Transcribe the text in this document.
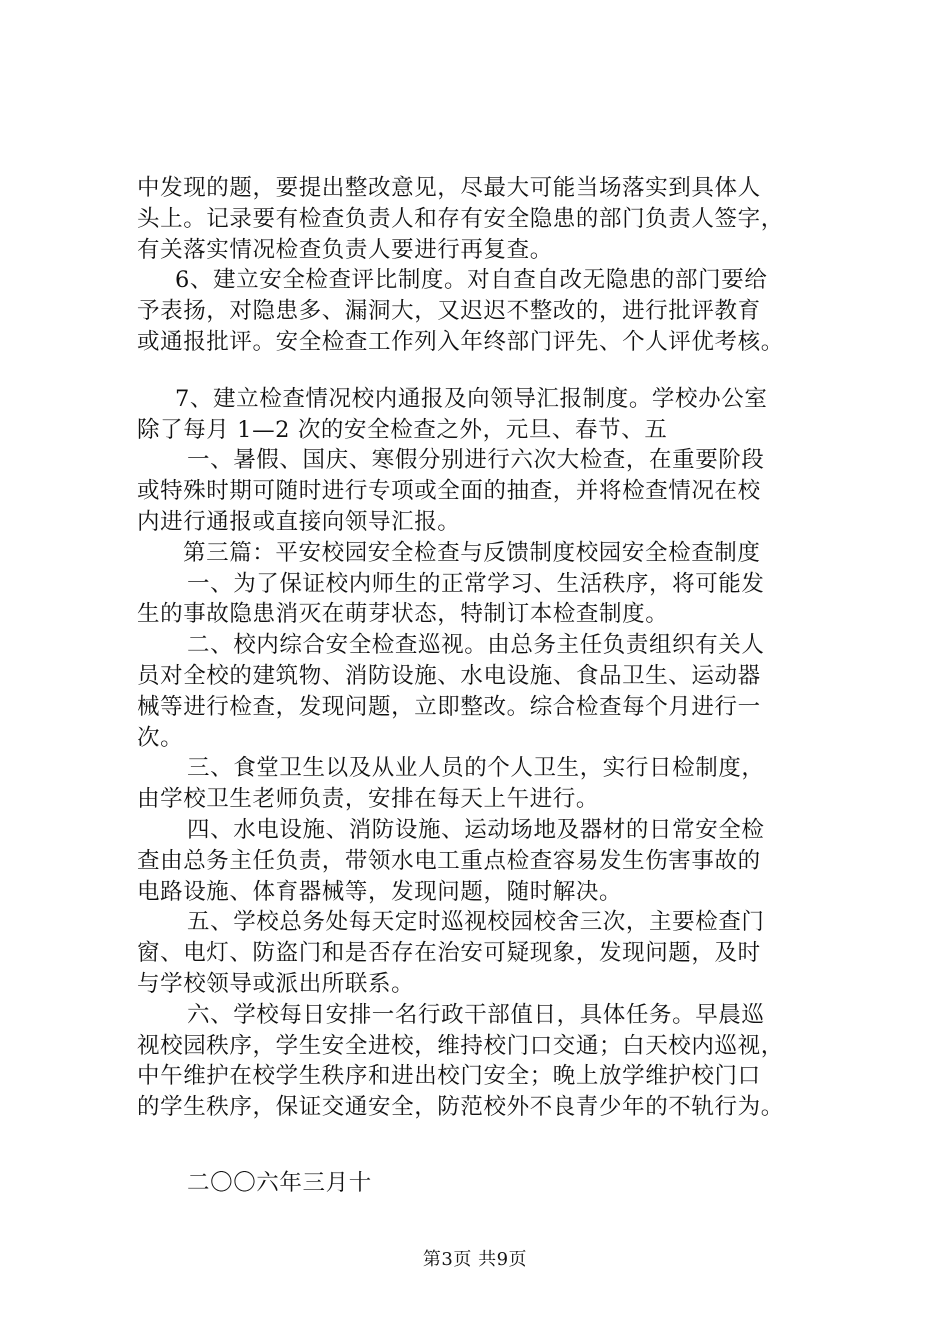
中发现的题，要提出整改意见，尽最大可能当场落实到具体人
头上。记录要有检查负责人和存有安全隐患的部门负责人签字，
有关落实情况检查负责人要进行再复查。
6、建立安全检查评比制度。对自查自改无隐患的部门要给
予表扬，对隐患多、漏洞大，又迟迟不整改的，进行批评教育
或通报批评。安全检查工作列入年终部门评先、个人评优考核。
7、建立检查情况校内通报及向领导汇报制度。学校办公室
除了每月 1—2 次的安全检查之外，元旦、春节、五
一、暑假、国庆、寒假分别进行六次大检查，在重要阶段
或特殊时期可随时进行专项或全面的抽查，并将检查情况在校
内进行通报或直接向领导汇报。
第三篇：平安校园安全检查与反馈制度校园安全检查制度
一、为了保证校内师生的正常学习、生活秩序，将可能发
生的事故隐患消灭在萌芽状态，特制订本检查制度。
二、校内综合安全检查巡视。由总务主任负责组织有关人
员对全校的建筑物、消防设施、水电设施、食品卫生、运动器
械等进行检查，发现问题，立即整改。综合检查每个月进行一
次。
三、食堂卫生以及从业人员的个人卫生，实行日检制度，
由学校卫生老师负责，安排在每天上午进行。
四、水电设施、消防设施、运动场地及器材的日常安全检
查由总务主任负责，带领水电工重点检查容易发生伤害事故的
电路设施、体育器械等，发现问题，随时解决。
五、学校总务处每天定时巡视校园校舍三次，主要检查门
窗、电灯、防盗门和是否存在治安可疑现象，发现问题，及时
与学校领导或派出所联系。
六、学校每日安排一名行政干部值日，具体任务。早晨巡
视校园秩序，学生安全进校，维持校门口交通；白天校内巡视，
中午维护在校学生秩序和进出校门安全；晚上放学维护校门口
的学生秩序，保证交通安全，防范校外不良青少年的不轨行为。
二〇〇六年三月十
第3页 共9页
